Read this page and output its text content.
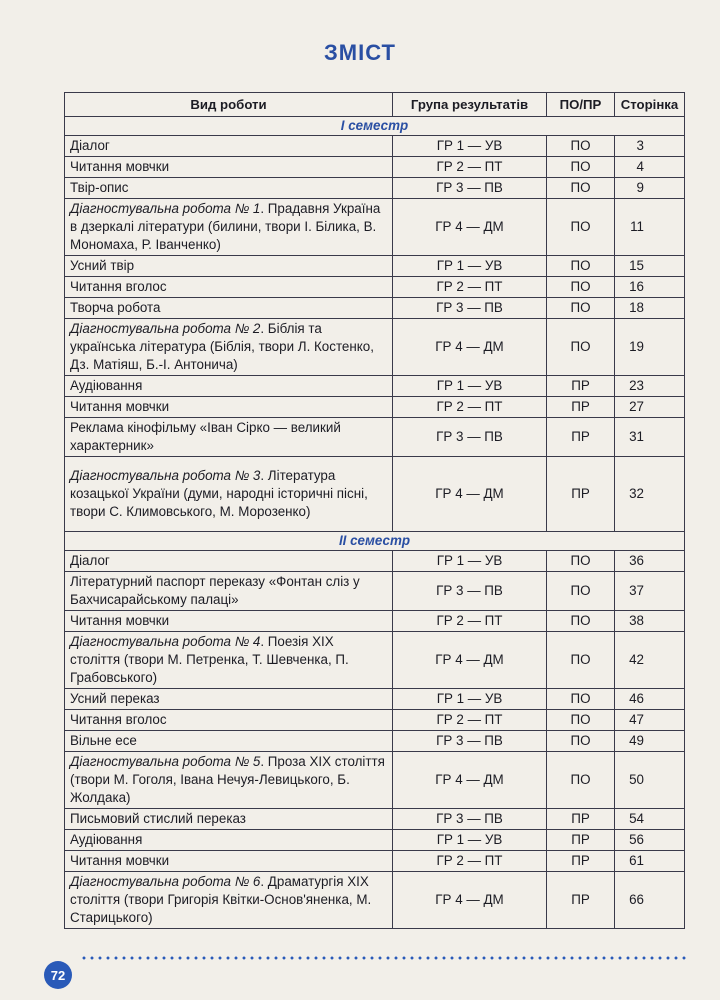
ЗМІСТ
Вид роботи	Група результатів	ПО/ПР	Сторінка
I семестр			
Діалог	ГР 1 — УВ	ПО	3
Читання мовчки	ГР 2 — ПТ	ПО	4
Твір-опис	ГР 3 — ПВ	ПО	9
Діагностувальна робота № 1. Прадавня Україна в дзеркалі літератури (билини, твори І. Білика, В. Мономаха, Р. Іванченко)	ГР 4 — ДМ	ПО	11
Усний твір	ГР 1 — УВ	ПО	15
Читання вголос	ГР 2 — ПТ	ПО	16
Творча робота	ГР 3 — ПВ	ПО	18
Діагностувальна робота № 2. Біблія та українська література (Біблія, твори Л. Костенко, Дз. Матіяш, Б.-І. Антонича)	ГР 4 — ДМ	ПО	19
Аудіювання	ГР 1 — УВ	ПР	23
Читання мовчки	ГР 2 — ПТ	ПР	27
Реклама кінофільму «Іван Сірко — великий характерник»	ГР 3 — ПВ	ПР	31
Діагностувальна робота № 3. Література козацької України (думи, народні історичні пісні, твори С. Климовського, М. Морозенко)	ГР 4 — ДМ	ПР	32
II семестр			
Діалог	ГР 1 — УВ	ПО	36
Літературний паспорт переказу «Фонтан сліз у Бахчисарайському палаці»	ГР 3 — ПВ	ПО	37
Читання мовчки	ГР 2 — ПТ	ПО	38
Діагностувальна робота № 4. Поезія XIX століття (твори М. Петренка, Т. Шевченка, П. Грабовського)	ГР 4 — ДМ	ПО	42
Усний переказ	ГР 1 — УВ	ПО	46
Читання вголос	ГР 2 — ПТ	ПО	47
Вільне есе	ГР 3 — ПВ	ПО	49
Діагностувальна робота № 5. Проза XIX століття (твори М. Гоголя, Івана Нечуя-Левицького, Б. Жолдака)	ГР 4 — ДМ	ПО	50
Письмовий стислий переказ	ГР 3 — ПВ	ПР	54
Аудіювання	ГР 1 — УВ	ПР	56
Читання мовчки	ГР 2 — ПТ	ПР	61
Діагностувальна робота № 6. Драматургія XIX століття (твори Григорія Квітки-Основ'яненка, М. Старицького)	ГР 4 — ДМ	ПР	66
72
